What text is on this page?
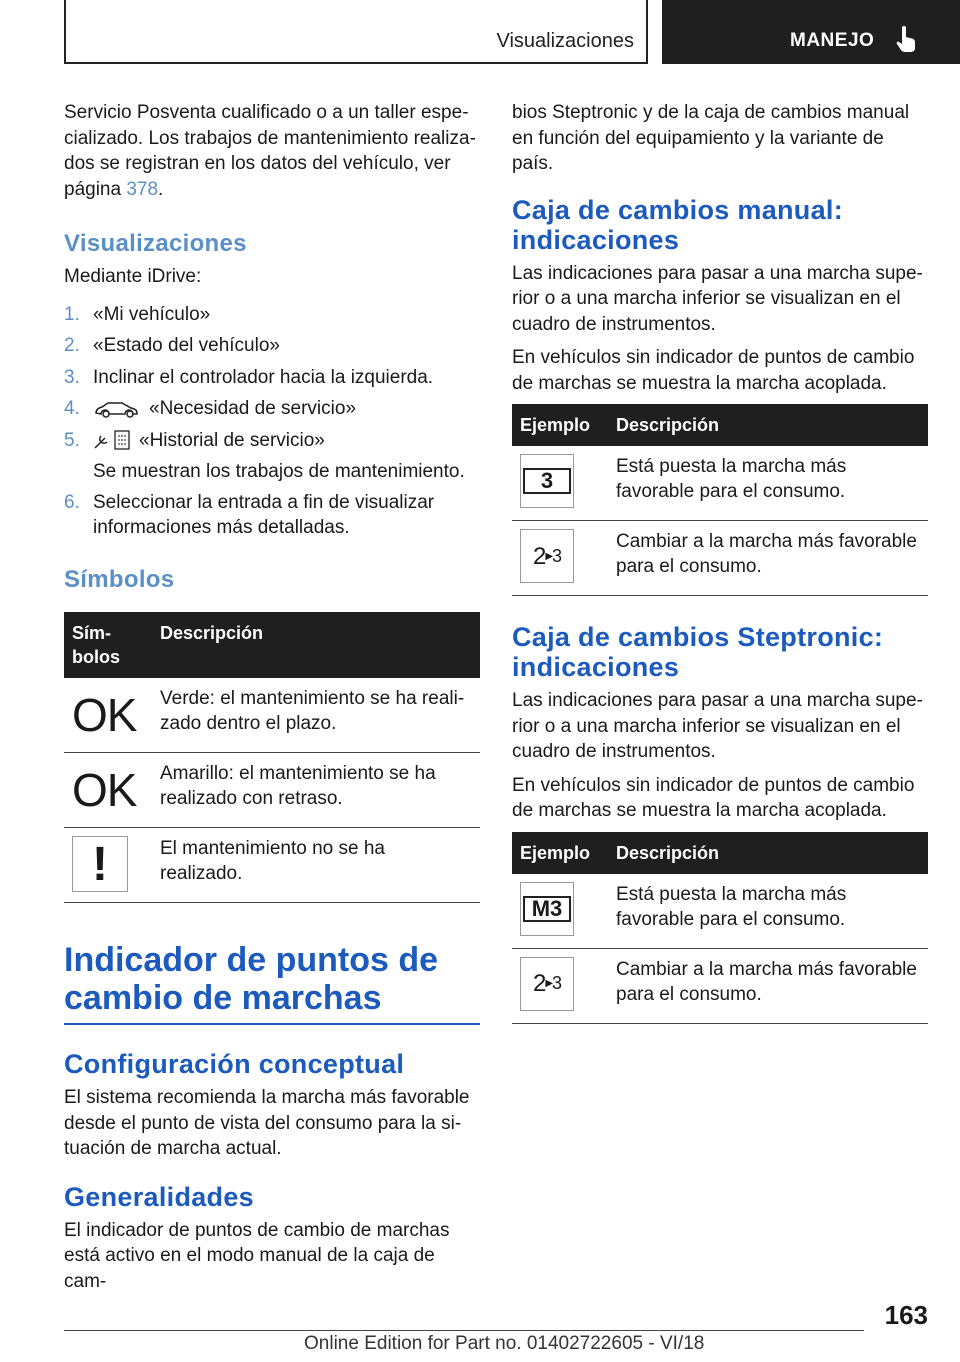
Visualizaciones	MANEJO

Servicio Posventa cualificado o a un taller especializado. Los trabajos de mantenimiento realizados se registran en los datos del vehículo, ver página 378.

Visualizaciones

Mediante iDrive:

1. «Mi vehículo»
2. «Estado del vehículo»
3. Inclinar el controlador hacia la izquierda.
4.	«Necesidad de servicio»
5.	«Historial de servicio»
Se muestran los trabajos de mantenimiento.
6. Seleccionar la entrada a fin de visualizar informaciones más detalladas.
Símbolos
Símbolos	Descripción

OK	Verde: el mantenimiento se ha realizado dentro el plazo.

OK	Amarillo: el mantenimiento se ha realizado con retraso.

!	El mantenimiento no se ha realizado.
Indicador de puntos de cambio de marchas
Configuración conceptual

El sistema recomienda la marcha más favorable desde el punto de vista del consumo para la situación de marcha actual.

Generalidades

El indicador de puntos de cambio de marchas está activo en el modo manual de la caja de cam-

bios Steptronic y de la caja de cambios manual en función del equipamiento y la variante de país.

Caja de cambios manual: indicaciones

Las indicaciones para pasar a una marcha superior o a una marcha inferior se visualizan en el cuadro de instrumentos.

En vehículos sin indicador de puntos de cambio de marchas se muestra la marcha acoplada.

Ejemplo	Descripción

3	Está puesta la marcha más favorable para el consumo.

2 ▶ 3	Cambiar a la marcha más favorable para el consumo.
Caja de cambios Steptronic: indicaciones

Las indicaciones para pasar a una marcha superior o a una marcha inferior se visualizan en el cuadro de instrumentos.

En vehículos sin indicador de puntos de cambio de marchas se muestra la marcha acoplada.

Ejemplo	Descripción

M3	Está puesta la marcha más favorable para el consumo.

2 ▶ 3	Cambiar a la marcha más favorable para el consumo.
163
Online Edition for Part no. 01402722605 - VI/18
